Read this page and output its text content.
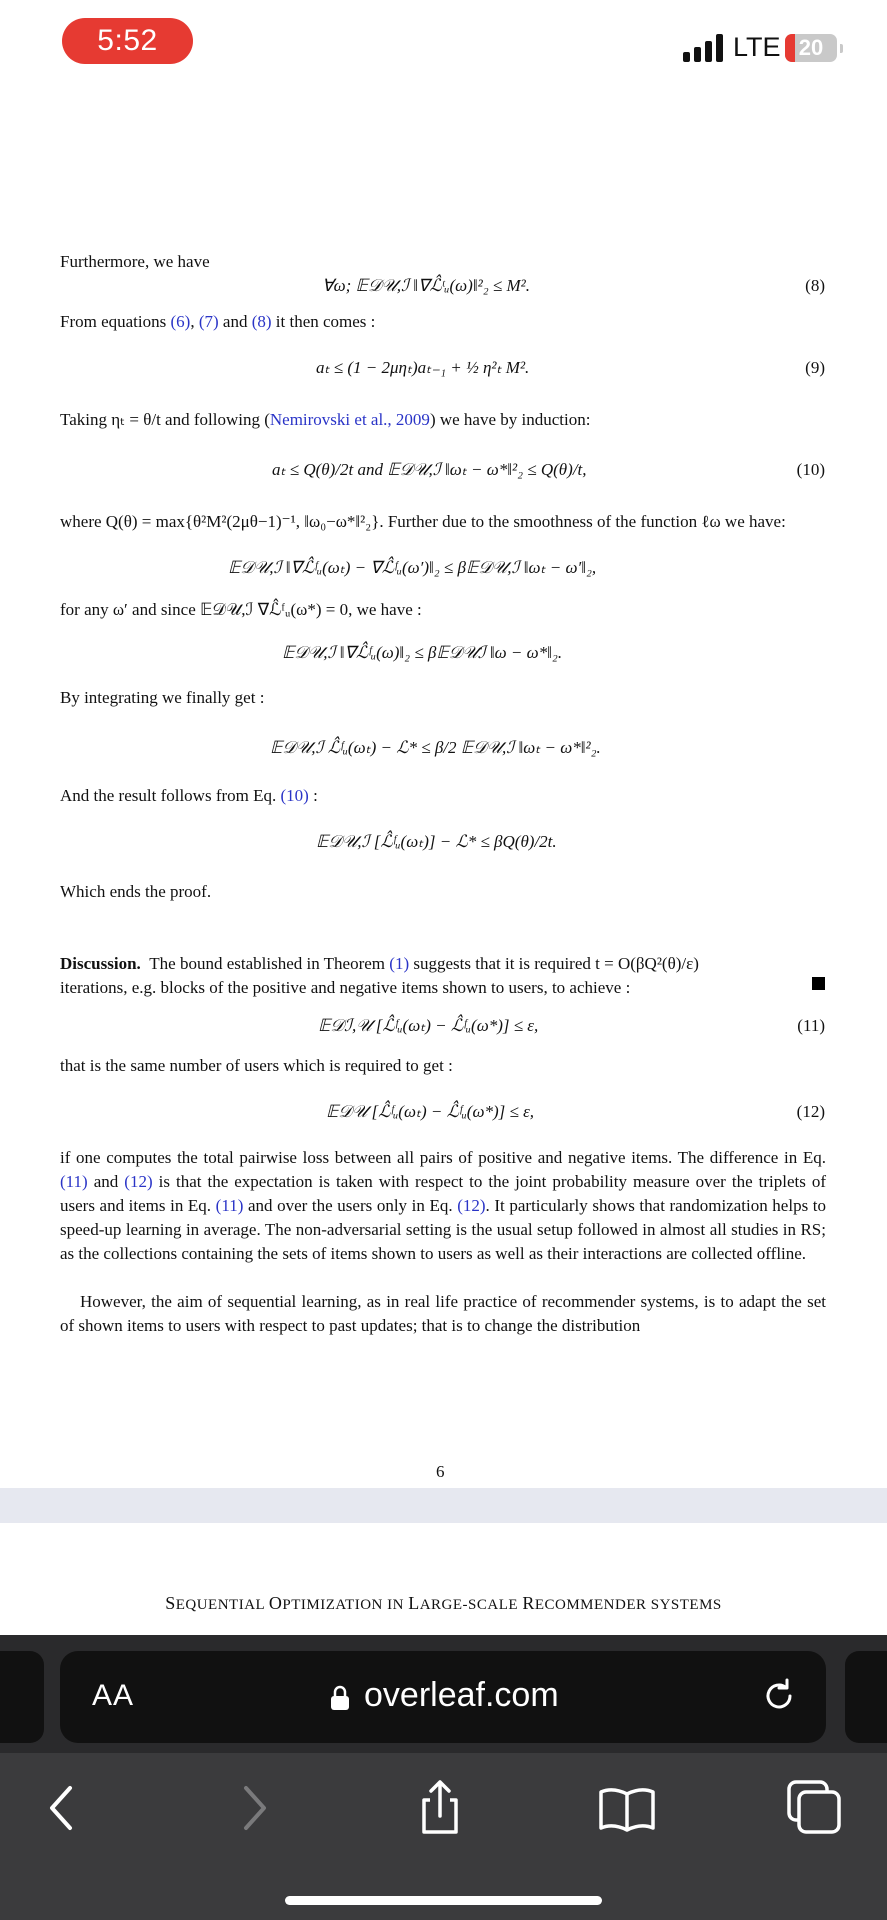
5:52	LTE 20
Furthermore, we have
∀ω; 𝔼𝒟𝒰,ℐ ‖∇ℒ̂ᵗᵤ(ω)‖²₂ ≤ M².	(8)
From equations (6), (7) and (8) it then comes :
aₜ ≤ (1 − 2μηₜ)aₜ₋₁ + ½ η²ₜ M².	(9)
Taking ηₜ = θ/t and following (Nemirovski et al., 2009) we have by induction:
aₜ ≤ Q(θ)/2t and 𝔼𝒟𝒰,ℐ ‖ωₜ − ω*‖²₂ ≤ Q(θ)/t,	(10)
where Q(θ) = max{θ²M²(2μθ−1)⁻¹, ‖ω₀−ω*‖²₂}. Further due to the smoothness of the function ℓω we have:
𝔼𝒟𝒰,ℐ ‖∇ℒ̂ᶠᵤ(ωₜ) − ∇ℒ̂ᶠᵤ(ω′)‖₂ ≤ β𝔼𝒟𝒰,ℐ ‖ωₜ − ω′‖₂,
for any ω′ and since 𝔼𝒟𝒰,ℐ ∇ℒ̂ᶠᵤ(ω*) = 0, we have :
𝔼𝒟𝒰,ℐ ‖∇ℒ̂ᶠᵤ(ω)‖₂ ≤ β𝔼𝒟𝒰ℐ ‖ω − ω*‖₂.
By integrating we finally get :
𝔼𝒟𝒰,ℐ ℒ̂ᶠᵤ(ωₜ) − ℒ* ≤ β/2 𝔼𝒟𝒰,ℐ ‖ωₜ − ω*‖²₂.
And the result follows from Eq. (10) :
𝔼𝒟𝒰,ℐ [ℒ̂ᶠᵤ(ωₜ)] − ℒ* ≤ βQ(θ)/2t.
Which ends the proof.
Discussion. The bound established in Theorem (1) suggests that it is required t = O(βQ²(θ)/ε)
iterations, e.g. blocks of the positive and negative items shown to users, to achieve :
𝔼𝒟ℐ,𝒰 [ℒ̂ᶠᵤ(ωₜ) − ℒ̂ᶠᵤ(ω*)] ≤ ε,	(11)
that is the same number of users which is required to get :
𝔼𝒟𝒰 [ℒ̂ᶠᵤ(ωₜ) − ℒ̂ᶠᵤ(ω*)] ≤ ε,	(12)
if one computes the total pairwise loss between all pairs of positive and negative items. The difference in Eq. (11) and (12) is that the expectation is taken with respect to the joint probability measure over the triplets of users and items in Eq. (11) and over the users only in Eq. (12). It particularly shows that randomization helps to speed-up learning in average. The non-adversarial setting is the usual setup followed in almost all studies in RS; as the collections containing the sets of items shown to users as well as their interactions are collected offline.
However, the aim of sequential learning, as in real life practice of recommender systems, is to adapt the set of shown items to users with respect to past updates; that is to change the distribution
6
SEQUENTIAL OPTIMIZATION IN LARGE-SCALE RECOMMENDER SYSTEMS
AA	overleaf.com
